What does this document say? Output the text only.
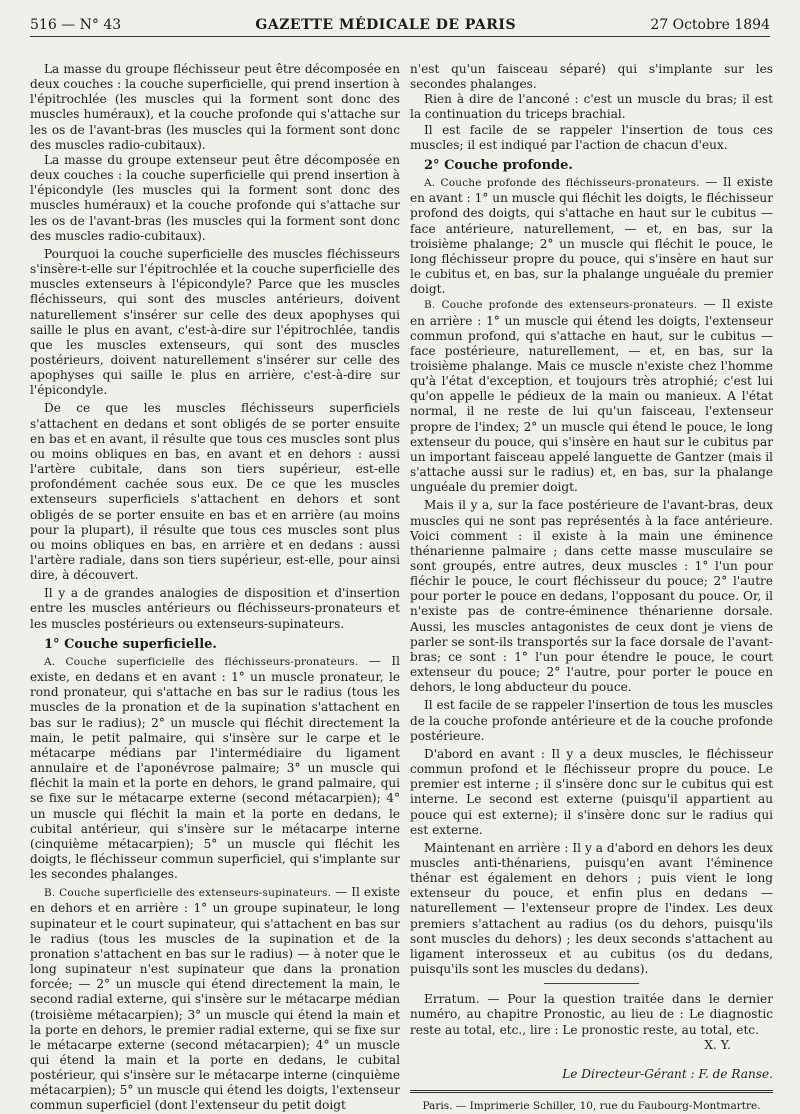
516 — N° 43	GAZETTE MÉDICALE DE PARIS	27 Octobre 1894

La masse du groupe fléchisseur peut être décomposée en deux couches : la couche superficielle, qui prend insertion à l'épitrochlée (les muscles qui la forment sont donc des muscles huméraux), et la couche profonde qui s'attache sur les os de l'avant-bras (les muscles qui la forment sont donc des muscles radio-cubitaux).

La masse du groupe extenseur peut être décomposée en deux couches : la couche superficielle qui prend insertion à l'épicondyle (les muscles qui la forment sont donc des muscles huméraux) et la couche profonde qui s'attache sur les os de l'avant-bras (les muscles qui la forment sont donc des muscles radio-cubitaux).

Pourquoi la couche superficielle des muscles fléchisseurs s'insère-t-elle sur l'épitrochlée et la couche superficielle des muscles extenseurs à l'épicondyle? Parce que les muscles fléchisseurs, qui sont des muscles antérieurs, doivent naturellement s'insérer sur celle des deux apophyses qui saille le plus en avant, c'est-à-dire sur l'épitrochlée, tandis que les muscles extenseurs, qui sont des muscles postérieurs, doivent naturellement s'insérer sur celle des apophyses qui saille le plus en arrière, c'est-à-dire sur l'épicondyle.

De ce que les muscles fléchisseurs superficiels s'attachent en dedans et sont obligés de se porter ensuite en bas et en avant, il résulte que tous ces muscles sont plus ou moins obliques en bas, en avant et en dehors : aussi l'artère cubitale, dans son tiers supérieur, est-elle profondément cachée sous eux. De ce que les muscles extenseurs superficiels s'attachent en dehors et sont obligés de se porter ensuite en bas et en arrière (au moins pour la plupart), il résulte que tous ces muscles sont plus ou moins obliques en bas, en arrière et en dedans : aussi l'artère radiale, dans son tiers supérieur, est-elle, pour ainsi dire, à découvert.

Il y a de grandes analogies de disposition et d'insertion entre les muscles antérieurs ou fléchisseurs-pronateurs et les muscles postérieurs ou extenseurs-supinateurs.

1° Couche superficielle.

A. Couche superficielle des fléchisseurs-pronateurs. — Il existe, en dedans et en avant : 1° un muscle pronateur, le rond pronateur, qui s'attache en bas sur le radius (tous les muscles de la pronation et de la supination s'attachent en bas sur le radius); 2° un muscle qui fléchit directement la main, le petit palmaire, qui s'insère sur le carpe et le métacarpe médians par l'intermédiaire du ligament annulaire et de l'aponévrose palmaire; 3° un muscle qui fléchit la main et la porte en dehors, le grand palmaire, qui se fixe sur le métacarpe externe (second métacarpien); 4° un muscle qui fléchit la main et la porte en dedans, le cubital antérieur, qui s'insère sur le métacarpe interne (cinquième métacarpien); 5° un muscle qui fléchit les doigts, le fléchisseur commun superficiel, qui s'implante sur les secondes phalanges.

B. Couche superficielle des extenseurs-supinateurs. — Il existe en dehors et en arrière : 1° un groupe supinateur, le long supinateur et le court supinateur, qui s'attachent en bas sur le radius (tous les muscles de la supination et de la pronation s'attachent en bas sur le radius) — à noter que le long supinateur n'est supinateur que dans la pronation forcée; — 2° un muscle qui étend directement la main, le second radial externe, qui s'insère sur le métacarpe médian (troisième métacarpien); 3° un muscle qui étend la main et la porte en dehors, le premier radial externe, qui se fixe sur le métacarpe externe (second métacarpien); 4° un muscle qui étend la main et la porte en dedans, le cubital postérieur, qui s'insère sur le métacarpe interne (cinquième métacarpien); 5° un muscle qui étend les doigts, l'extenseur commun superficiel (dont l'extenseur du petit doigt

n'est qu'un faisceau séparé) qui s'implante sur les secondes phalanges.

Rien à dire de l'anconé : c'est un muscle du bras; il est la continuation du triceps brachial.

Il est facile de se rappeler l'insertion de tous ces muscles; il est indiqué par l'action de chacun d'eux.

2° Couche profonde.

A. Couche profonde des fléchisseurs-pronateurs. — Il existe en avant : 1° un muscle qui fléchit les doigts, le fléchisseur profond des doigts, qui s'attache en haut sur le cubitus — face antérieure, naturellement, — et, en bas, sur la troisième phalange; 2° un muscle qui fléchit le pouce, le long fléchisseur propre du pouce, qui s'insère en haut sur le cubitus et, en bas, sur la phalange unguéale du premier doigt.

B. Couche profonde des extenseurs-pronateurs. — Il existe en arrière : 1° un muscle qui étend les doigts, l'extenseur commun profond, qui s'attache en haut, sur le cubitus — face postérieure, naturellement, — et, en bas, sur la troisième phalange. Mais ce muscle n'existe chez l'homme qu'à l'état d'exception, et toujours très atrophié; c'est lui qu'on appelle le pédieux de la main ou manieux. A l'état normal, il ne reste de lui qu'un faisceau, l'extenseur propre de l'index; 2° un muscle qui étend le pouce, le long extenseur du pouce, qui s'insère en haut sur le cubitus par un important faisceau appelé languette de Gantzer (mais il s'attache aussi sur le radius) et, en bas, sur la phalange unguéale du premier doigt.

Mais il y a, sur la face postérieure de l'avant-bras, deux muscles qui ne sont pas représentés à la face antérieure. Voici comment : il existe à la main une éminence thénarienne palmaire ; dans cette masse musculaire se sont groupés, entre autres, deux muscles : 1° l'un pour fléchir le pouce, le court fléchisseur du pouce; 2° l'autre pour porter le pouce en dedans, l'opposant du pouce. Or, il n'existe pas de contre-éminence thénarienne dorsale. Aussi, les muscles antagonistes de ceux dont je viens de parler se sont-ils transportés sur la face dorsale de l'avant-bras; ce sont : 1° l'un pour étendre le pouce, le court extenseur du pouce; 2° l'autre, pour porter le pouce en dehors, le long abducteur du pouce.

Il est facile de se rappeler l'insertion de tous les muscles de la couche profonde antérieure et de la couche profonde postérieure.

D'abord en avant : Il y a deux muscles, le fléchisseur commun profond et le fléchisseur propre du pouce. Le premier est interne ; il s'insère donc sur le cubitus qui est interne. Le second est externe (puisqu'il appartient au pouce qui est externe); il s'insère donc sur le radius qui est externe.

Maintenant en arrière : Il y a d'abord en dehors les deux muscles anti-thénariens, puisqu'en avant l'éminence thénar est également en dehors ; puis vient le long extenseur du pouce, et enfin plus en dedans — naturellement — l'extenseur propre de l'index. Les deux premiers s'attachent au radius (os du dehors, puisqu'ils sont muscles du dehors) ; les deux seconds s'attachent au ligament interosseux et au cubitus (os du dedans, puisqu'ils sont les muscles du dedans).

Erratum. — Pour la question traitée dans le dernier numéro, au chapitre Pronostic, au lieu de : Le diagnostic reste au total, etc., lire : Le pronostic reste, au total, etc.

X. Y.
Le Directeur-Gérant : F. de Ranse.
Paris. — Imprimerie Schiller, 10, rue du Faubourg-Montmartre.
